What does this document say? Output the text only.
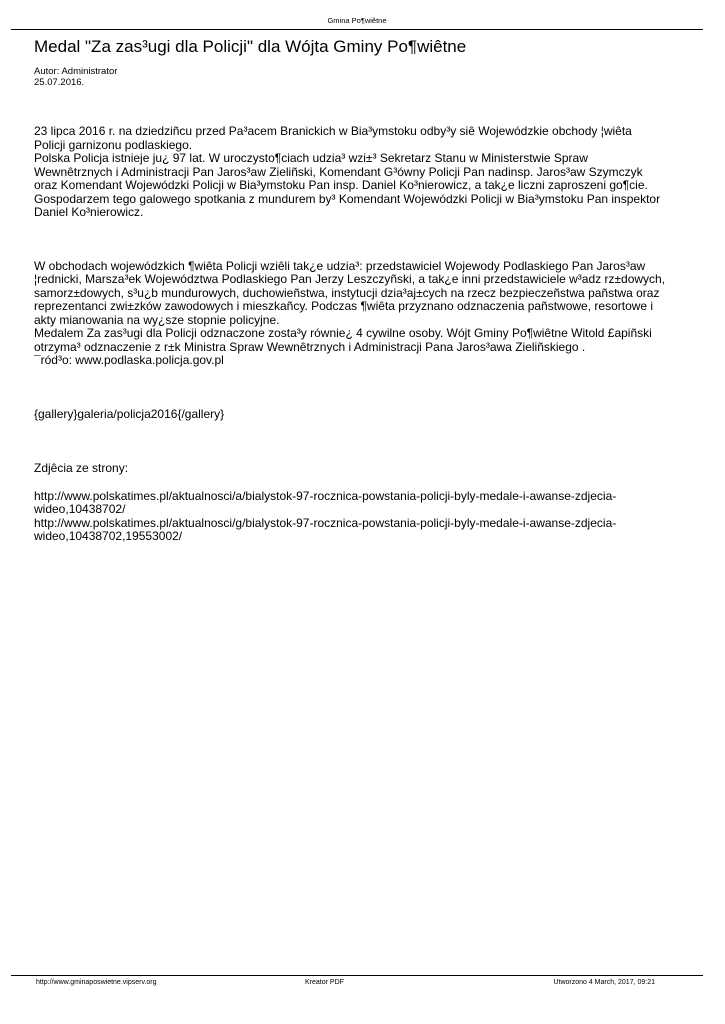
Gmina Po¶wiêtne
Medal "Za zas³ugi dla Policji" dla Wójta Gminy Po¶wiêtne
Autor: Administrator
25.07.2016.

23 lipca 2016 r. na dziedziñcu przed Pa³acem Branickich w Bia³ymstoku odby³y siê Wojewódzkie obchody ¦wiêta
Policji garnizonu podlaskiego.
Polska Policja istnieje ju¿ 97 lat. W uroczysto¶ciach udzia³ wzi±³ Sekretarz Stanu w Ministerstwie Spraw
Wewnêtrznych i Administracji Pan Jaros³aw Zieliñski, Komendant G³ówny Policji Pan nadinsp. Jaros³aw Szymczyk
oraz Komendant Wojewódzki Policji w Bia³ymstoku Pan insp. Daniel Ko³nierowicz, a tak¿e liczni zaproszeni go¶cie.
Gospodarzem tego galowego spotkania z mundurem by³ Komendant Wojewódzki Policji w Bia³ymstoku Pan inspektor
Daniel Ko³nierowicz.

W obchodach wojewódzkich ¶wiêta Policji wziêli tak¿e udzia³: przedstawiciel Wojewody Podlaskiego Pan Jaros³aw
¦rednicki, Marsza³ek Województwa Podlaskiego Pan Jerzy Leszczyñski, a tak¿e inni przedstawiciele w³adz rz±dowych,
samorz±dowych, s³u¿b mundurowych, duchowieñstwa, instytucji dzia³aj±cych na rzecz bezpieczeñstwa pañstwa oraz
reprezentanci zwi±zków zawodowych i mieszkañcy. Podczas ¶wiêta przyznano odznaczenia pañstwowe, resortowe i
akty mianowania na wy¿sze stopnie policyjne.
Medalem Za zas³ugi dla Policji odznaczone zosta³y równie¿ 4 cywilne osoby. Wójt Gminy Po¶wiêtne Witold £apiñski
otrzyma³ odznaczenie z r±k Ministra Spraw Wewnêtrznych i Administracji Pana Jaros³awa Zieliñskiego .
¯ród³o: www.podlaska.policja.gov.pl

{gallery}galeria/policja2016{/gallery}

Zdjêcia ze strony:

http://www.polskatimes.pl/aktualnosci/a/bialystok-97-rocznica-powstania-policji-byly-medale-i-awanse-zdjecia-
wideo,10438702/
http://www.polskatimes.pl/aktualnosci/g/bialystok-97-rocznica-powstania-policji-byly-medale-i-awanse-zdjecia-
wideo,10438702,19553002/

http://www.gminaposwietne.vipserv.org	Kreator PDF	Utworzono 4 March, 2017, 09:21
